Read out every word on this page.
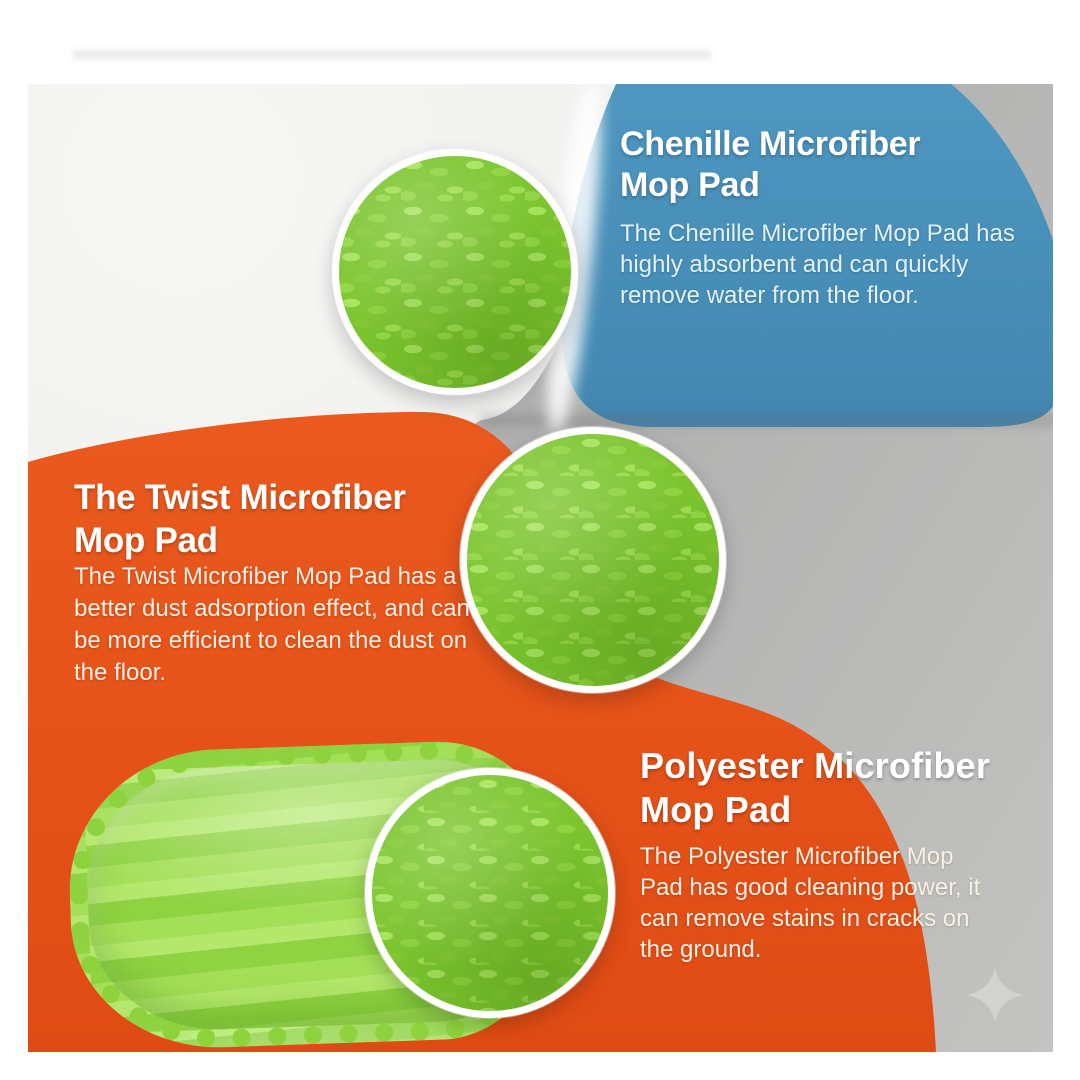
Chenille Microfiber Mop Pad
The Chenille Microfiber Mop Pad has highly absorbent and can quickly remove water from the floor.
The Twist Microfiber Mop Pad
The Twist Microfiber Mop Pad has a better dust adsorption effect, and can be more efficient to clean the dust on the floor.
Polyester Microfiber Mop Pad
The Polyester Microfiber Mop Pad has good cleaning power, it can remove stains in cracks on the ground.
